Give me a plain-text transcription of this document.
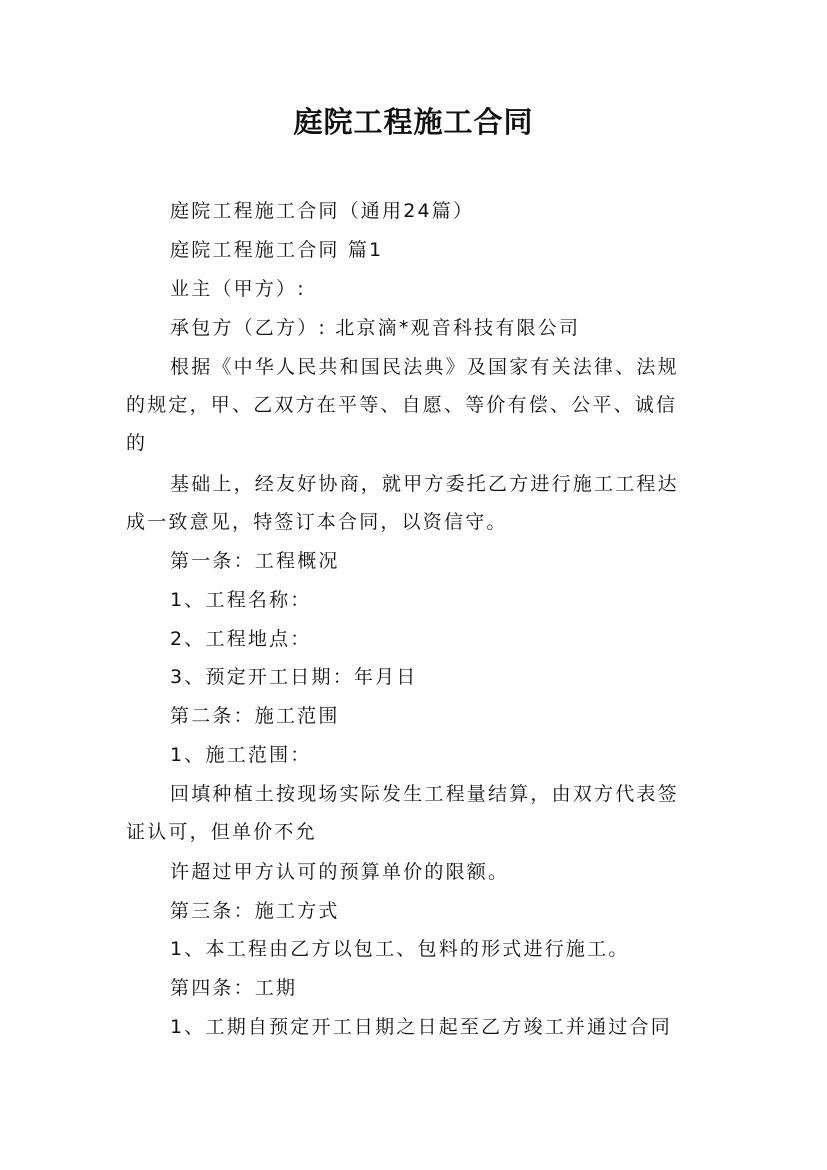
庭院工程施工合同
庭院工程施工合同（通用24篇）
庭院工程施工合同 篇1
业主（甲方）:
承包方（乙方）: 北京滴*观音科技有限公司
根据《中华人民共和国民法典》及国家有关法律、法规
的规定，甲、乙双方在平等、自愿、等价有偿、公平、诚信
的
基础上，经友好协商，就甲方委托乙方进行施工工程达
成一致意见，特签订本合同，以资信守。
第一条：工程概况
1、工程名称：
2、工程地点：
3、预定开工日期：年月日
第二条：施工范围
1、施工范围：
回填种植土按现场实际发生工程量结算，由双方代表签
证认可，但单价不允
许超过甲方认可的预算单价的限额。
第三条：施工方式
1、本工程由乙方以包工、包料的形式进行施工。
第四条：工期
1、工期自预定开工日期之日起至乙方竣工并通过合同
